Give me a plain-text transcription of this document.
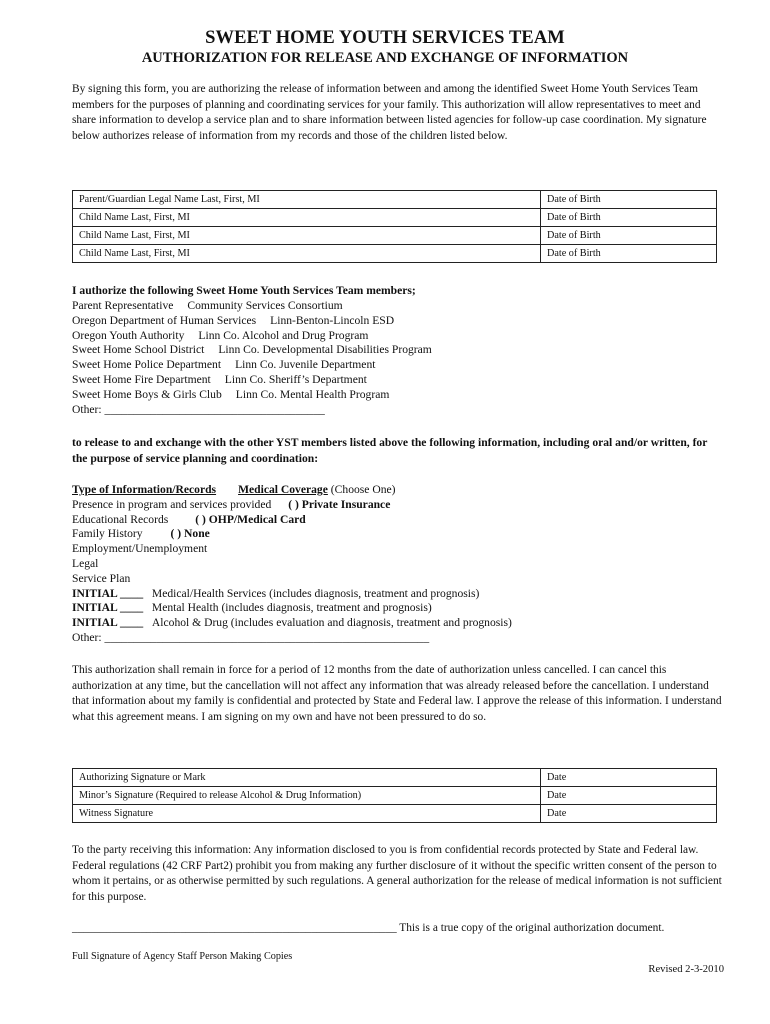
SWEET HOME YOUTH SERVICES TEAM
AUTHORIZATION FOR RELEASE AND EXCHANGE OF INFORMATION
By signing this form, you are authorizing the release of information between and among the identified Sweet Home Youth Services Team members for the purposes of planning and coordinating services for your family. This authorization will allow representatives to meet and share information to develop a service plan and to share information between listed agencies for follow-up case coordination. My signature below authorizes release of information from my records and those of the children listed below.
Parent/Guardian Legal Name Last, First, MI	Date of Birth
Child Name Last, First, MI	Date of Birth
Child Name Last, First, MI	Date of Birth
Child Name Last, First, MI	Date of Birth
I authorize the following Sweet Home Youth Services Team members;
Parent Representative Community Services Consortium
Oregon Department of Human Services Linn-Benton-Lincoln ESD
Oregon Youth Authority Linn Co. Alcohol and Drug Program
Sweet Home School District Linn Co. Developmental Disabilities Program
Sweet Home Police Department Linn Co. Juvenile Department
Sweet Home Fire Department Linn Co. Sheriff’s Department
Sweet Home Boys & Girls Club Linn Co. Mental Health Program
Other: ______________________________________
to release to and exchange with the other YST members listed above the following information, including oral and/or written, for the purpose of service planning and coordination:
Type of Information/Records Medical Coverage (Choose One)
Presence in program and services provided ( ) Private Insurance
Educational Records ( ) OHP/Medical Card
Family History ( ) None
Employment/Unemployment
Legal
Service Plan
INITIAL ____ Medical/Health Services (includes diagnosis, treatment and prognosis)
INITIAL ____ Mental Health (includes diagnosis, treatment and prognosis)
INITIAL ____ Alcohol & Drug (includes evaluation and diagnosis, treatment and prognosis)
Other: ________________________________________________________
This authorization shall remain in force for a period of 12 months from the date of authorization unless cancelled. I can cancel this authorization at any time, but the cancellation will not affect any information that was already released before the cancellation. I understand that information about my family is confidential and protected by State and Federal law. I approve the release of this information. I understand what this agreement means. I am signing on my own and have not been pressured to do so.
Authorizing Signature or Mark	Date
Minor’s Signature (Required to release Alcohol & Drug Information)	Date
Witness Signature	Date
To the party receiving this information: Any information disclosed to you is from confidential records protected by State and Federal law. Federal regulations (42 CRF Part2) prohibit you from making any further disclosure of it without the specific written consent of the person to whom it pertains, or as otherwise permitted by such regulations. A general authorization for the release of medical information is not sufficient for this purpose.
_________________________________________________________ This is a true copy of the original authorization document.
Full Signature of Agency Staff Person Making Copies
Revised 2-3-2010
